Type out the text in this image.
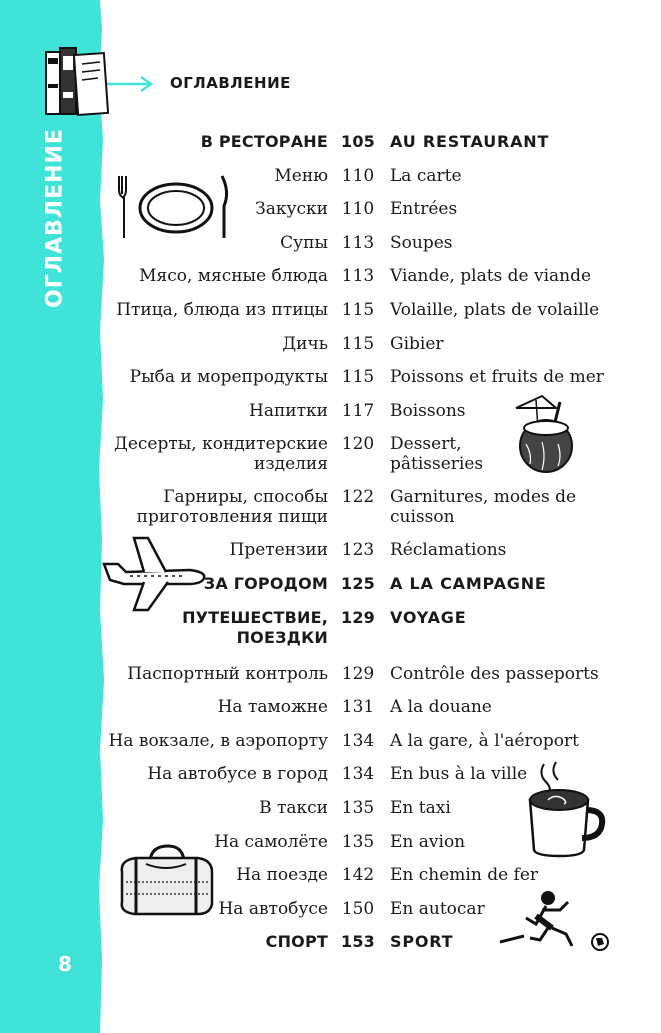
ОГЛАВЛЕНИЕ
8
ОГЛАВЛЕНИЕ
В РЕСТОРАНЕ 105 AU RESTAURANT
Меню 110 La carte
Закуски 110 Entrées
Супы 113 Soupes
Мясо, мясные блюда 113 Viande, plats de viande
Птица, блюда из птицы 115 Volaille, plats de volaille
Дичь 115 Gibier
Рыба и морепродукты 115 Poissons et fruits de mer
Напитки 117 Boissons
Десерты, кондитерские
изделия
120 Dessert,
pâtisseries
Гарниры, способы
приготовления пищи
122 Garnitures, modes de
cuisson
Претензии 123 Réclamations
ЗА ГОРОДОМ 125 A LA CAMPAGNE
ПУТЕШЕСТВИЕ,
ПОЕЗДКИ
129 VOYAGE
Паспортный контроль 129 Contrôle des passeports
На таможне 131 A la douane
На вокзале, в аэропорту 134 A la gare, à l'aéroport
На автобусе в город 134 En bus à la ville
В такси 135 En taxi
На самолёте 135 En avion
На поезде 142 En chemin de fer
На автобусе 150 En autocar
СПОРТ 153 SPORT
